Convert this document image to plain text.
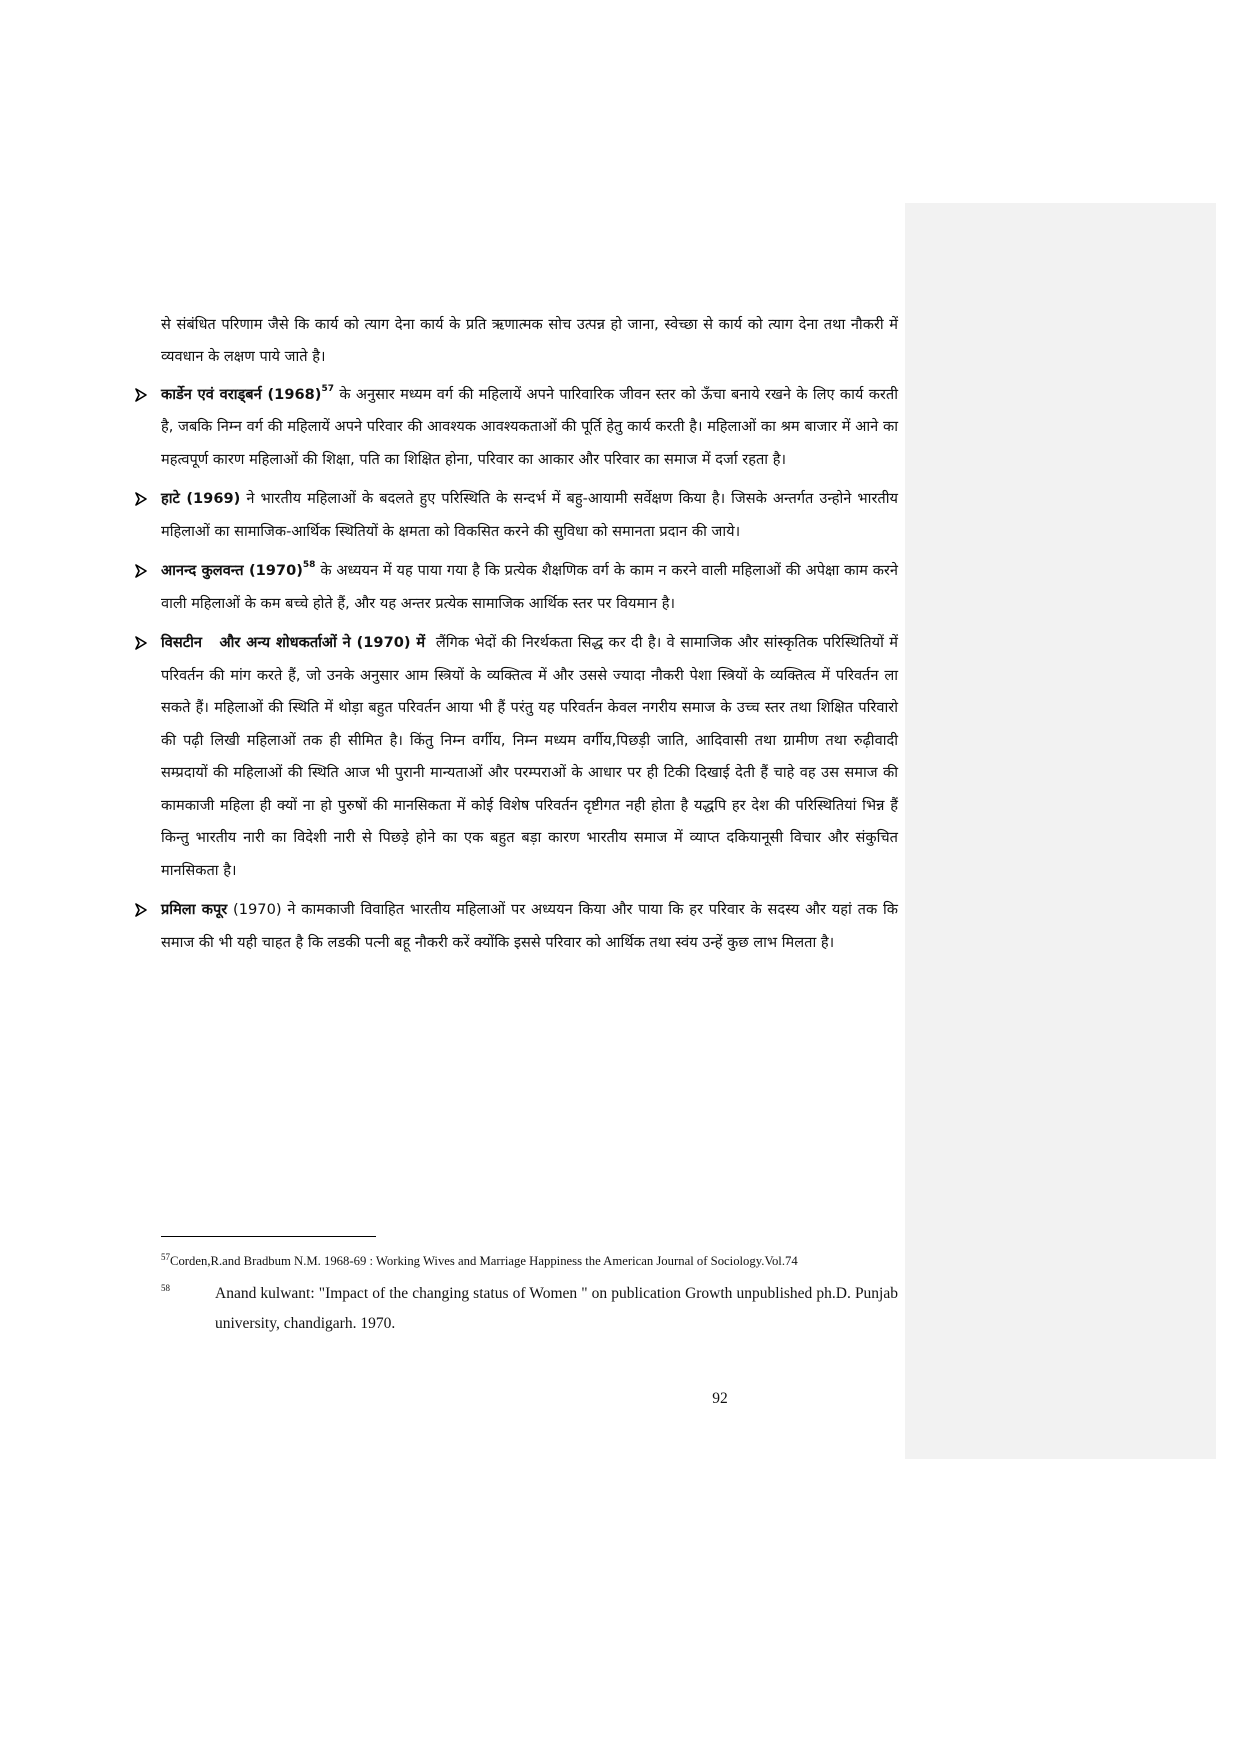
से संबंधित परिणाम जैसे कि कार्य को त्याग देना कार्य के प्रति ऋणात्मक सोच उत्पन्न हो जाना, स्वेच्छा से कार्य को त्याग देना तथा नौकरी में व्यवधान के लक्षण पाये जाते है।

कार्डेन एवं वराड्बर्न $(1968)^{57}$ के अनुसार मध्यम वर्ग की महिलायें अपने पारिवारिक जीवन स्तर को ऊँचा बनाये रखने के लिए कार्य करती है, जबकि निम्न वर्ग की महिलायें अपने परिवार की आवश्यक आवश्यकताओं की पूर्ति हेतु कार्य करती है। महिलाओं का श्रम बाजार में आने का महत्वपूर्ण कारण महिलाओं की शिक्षा, पति का शिक्षित होना, परिवार का आकार और परिवार का समाज में दर्जा रहता है।
हाटे (1969) ने भारतीय महिलाओं के बदलते हुए परिस्थिति के सन्दर्भ में बहु-आयामी सर्वेक्षण किया है। जिसके अन्तर्गत उन्होने भारतीय महिलाओं का सामाजिक-आर्थिक स्थितियों के क्षमता को विकसित करने की सुविधा को समानता प्रदान की जाये।
आनन्द कुलवन्त $(1970)^{58}$ के अध्ययन में यह पाया गया है कि प्रत्येक शैक्षणिक वर्ग के काम न करने वाली महिलाओं की अपेक्षा काम करने वाली महिलाओं के कम बच्चे होते हैं, और यह अन्तर प्रत्येक सामाजिक आर्थिक स्तर पर वियमान है।
विसटीन   और अन्य शोधकर्ताओं ने (1970) में  लैंगिक भेदों की निरर्थकता सिद्ध कर दी है। वे सामाजिक और सांस्कृतिक परिस्थितियों में परिवर्तन की मांग करते हैं, जो उनके अनुसार आम स्त्रियों के व्यक्तित्व में और उससे ज्यादा नौकरी पेशा स्त्रियों के व्यक्तित्व में परिवर्तन ला सकते हैं। महिलाओं की स्थिति में थोड़ा बहुत परिवर्तन आया भी हैं परंतु यह परिवर्तन केवल नगरीय समाज के उच्च स्तर तथा शिक्षित परिवारो की पढ़ी लिखी महिलाओं तक ही सीमित है। किंतु निम्न वर्गीय, निम्न मध्यम वर्गीय,पिछड़ी जाति, आदिवासी तथा ग्रामीण तथा रुढ़ीवादी सम्प्रदायों की महिलाओं की स्थिति आज भी पुरानी मान्यताओं और परम्पराओं के आधार पर ही टिकी दिखाई देती हैं चाहे वह उस समाज की कामकाजी महिला ही क्यों ना हो पुरुषों की मानसिकता में कोई विशेष परिवर्तन दृष्टीगत नही होता है यद्धपि हर देश की परिस्थितियां भिन्न हैं किन्तु भारतीय नारी का विदेशी नारी से पिछड़े होने का एक बहुत बड़ा कारण भारतीय समाज में व्याप्त दकियानूसी विचार और संकुचित मानसिकता है।
प्रमिला कपूर (1970) ने कामकाजी विवाहित भारतीय महिलाओं पर अध्ययन किया और पाया कि हर परिवार के सदस्य और यहां तक कि समाज की भी यही चाहत है कि लडकी पत्नी बहू नौकरी करें क्योंकि इससे परिवार को आर्थिक तथा स्वंय उन्हें कुछ लाभ मिलता है।
$^{57}$Corden,R.and Bradbum N.M. 1968-69 : Working Wives and Marriage Happiness the American Journal of Sociology.Vol.74
58	Anand kulwant: "Impact of the changing status of Women " on publication Growth unpublished ph.D. Punjab university, chandigarh. 1970.
92
